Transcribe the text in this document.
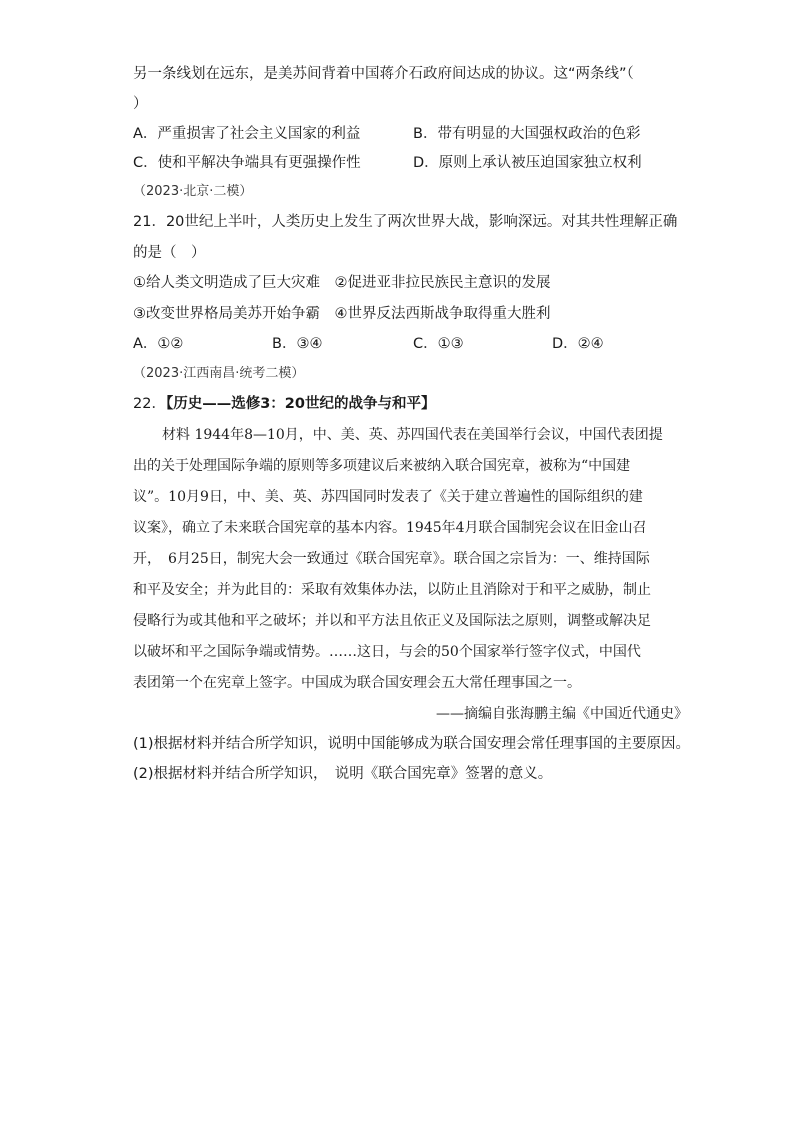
另一条线划在远东，是美苏间背着中国蒋介石政府间达成的协议。这“两条线”（
）
A．严重损害了社会主义国家的利益	B．带有明显的大国强权政治的色彩
C．使和平解决争端具有更强操作性	D．原则上承认被压迫国家独立权利
（2023·北京·二模）
21．20世纪上半叶，人类历史上发生了两次世界大战，影响深远。对其共性理解正确
的是（　）
①给人类文明造成了巨大灾难　②促进亚非拉民族民主意识的发展
③改变世界格局美苏开始争霸　④世界反法西斯战争取得重大胜利
A．①②	B．③④	C．①③	D．②④
（2023·江西南昌·统考二模）
22．【历史——选修3：20世纪的战争与和平】
材料 1944年8—10月，中、美、英、苏四国代表在美国举行会议，中国代表团提
出的关于处理国际争端的原则等多项建议后来被纳入联合国宪章，被称为“中国建
议”。10月9日，中、美、英、苏四国同时发表了《关于建立普遍性的国际组织的建
议案》，确立了未来联合国宪章的基本内容。1945年4月联合国制宪会议在旧金山召
开，　6月25日，制宪大会一致通过《联合国宪章》。联合国之宗旨为：一、维持国际
和平及安全；并为此目的：采取有效集体办法，以防止且消除对于和平之威胁，制止
侵略行为或其他和平之破坏；并以和平方法且依正义及国际法之原则，调整或解决足
以破坏和平之国际争端或情势。……这日，与会的50个国家举行签字仪式，中国代
表团第一个在宪章上签字。中国成为联合国安理会五大常任理事国之一。
——摘编自张海鹏主编《中国近代通史》
(1)根据材料并结合所学知识，说明中国能够成为联合国安理会常任理事国的主要原因。
(2)根据材料并结合所学知识，　说明《联合国宪章》签署的意义。
